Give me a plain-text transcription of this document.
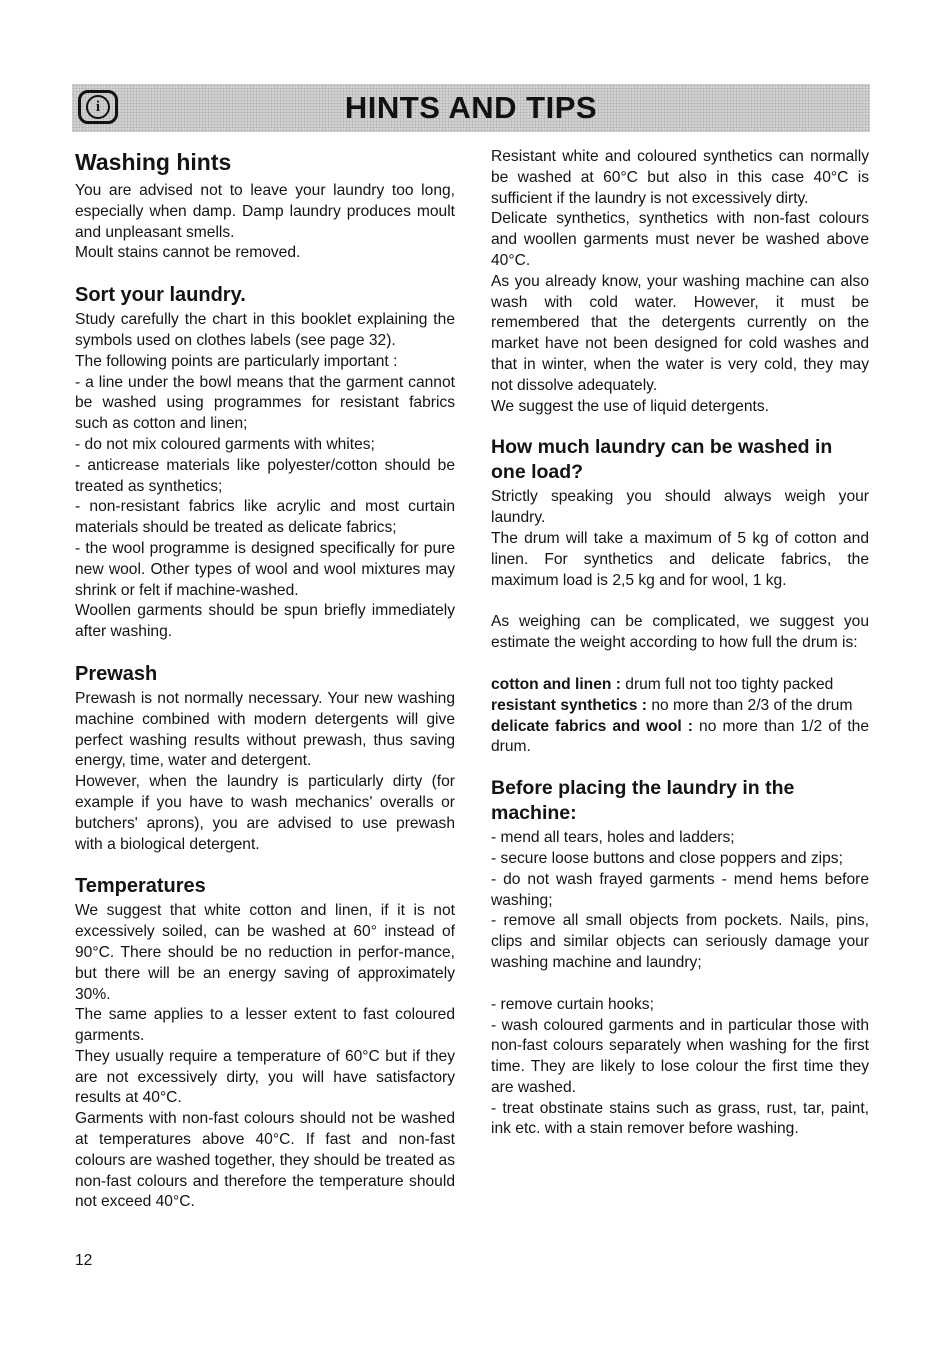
i	HINTS AND TIPS
Washing hints

You are advised not to leave your laundry too long, especially when damp. Damp laundry produces moult and unpleasant smells.

Moult stains cannot be removed.

Sort your laundry.

Study carefully the chart in this booklet explaining the symbols used on clothes labels (see page 32).

The following points are particularly important :

- a line under the bowl means that the garment cannot be washed using programmes for resistant fabrics such as cotton and linen;

- do not mix coloured garments with whites;

- anticrease materials like polyester/cotton should be treated as synthetics;

- non-resistant fabrics like acrylic and most curtain materials should be treated as delicate fabrics;

- the wool programme is designed specifically for pure new wool. Other types of wool and wool mixtures may shrink or felt if machine-washed.

Woollen garments should be spun briefly immediately after washing.

Prewash

Prewash is not normally necessary. Your new washing machine combined with modern detergents will give perfect washing results without prewash, thus saving energy, time, water and detergent.

However, when the laundry is particularly dirty (for example if you have to wash mechanics' overalls or butchers' aprons), you are advised to use prewash with a biological detergent.

Temperatures

We suggest that white cotton and linen, if it is not excessively soiled, can be washed at 60° instead of 90°C. There should be no reduction in perfor-mance, but there will be an energy saving of approximately 30%.

The same applies to a lesser extent to fast coloured garments.

They usually require a temperature of 60°C but if they are not excessively dirty, you will have satisfactory results at 40°C.

Garments with non-fast colours should not be washed at temperatures above 40°C. If fast and non-fast colours are washed together, they should be treated as non-fast colours and therefore the temperature should not exceed 40°C.

Resistant white and coloured synthetics can normally be washed at 60°C but also in this case 40°C is sufficient if the laundry is not excessively dirty.

Delicate synthetics, synthetics with non-fast colours and woollen garments must never be washed above 40°C.

As you already know, your washing machine can also wash with cold water. However, it must be remembered that the detergents currently on the market have not been designed for cold washes and that in winter, when the water is very cold, they may not dissolve adequately.

We suggest the use of liquid detergents.

How much laundry can be washed in one load?

Strictly speaking you should always weigh your laundry.

The drum will take a maximum of 5 kg of cotton and linen. For synthetics and delicate fabrics, the maximum load is 2,5 kg and for wool, 1 kg.

As weighing can be complicated, we suggest you estimate the weight according to how full the drum is:

cotton and linen : drum full not too tighty packed

resistant synthetics : no more than 2/3 of the drum

delicate fabrics and wool : no more than 1/2 of the drum.

Before placing the laundry in the machine:

- mend all tears, holes and ladders;

- secure loose buttons and close poppers and zips;

- do not wash frayed garments - mend hems before washing;

- remove all small objects from pockets. Nails, pins, clips and similar objects can seriously damage your washing machine and laundry;

- remove curtain hooks;

- wash coloured garments and in particular those with non-fast colours separately when washing for the first time. They are likely to lose colour the first time they are washed.

- treat obstinate stains such as grass, rust, tar, paint, ink etc. with a stain remover before washing.

12
